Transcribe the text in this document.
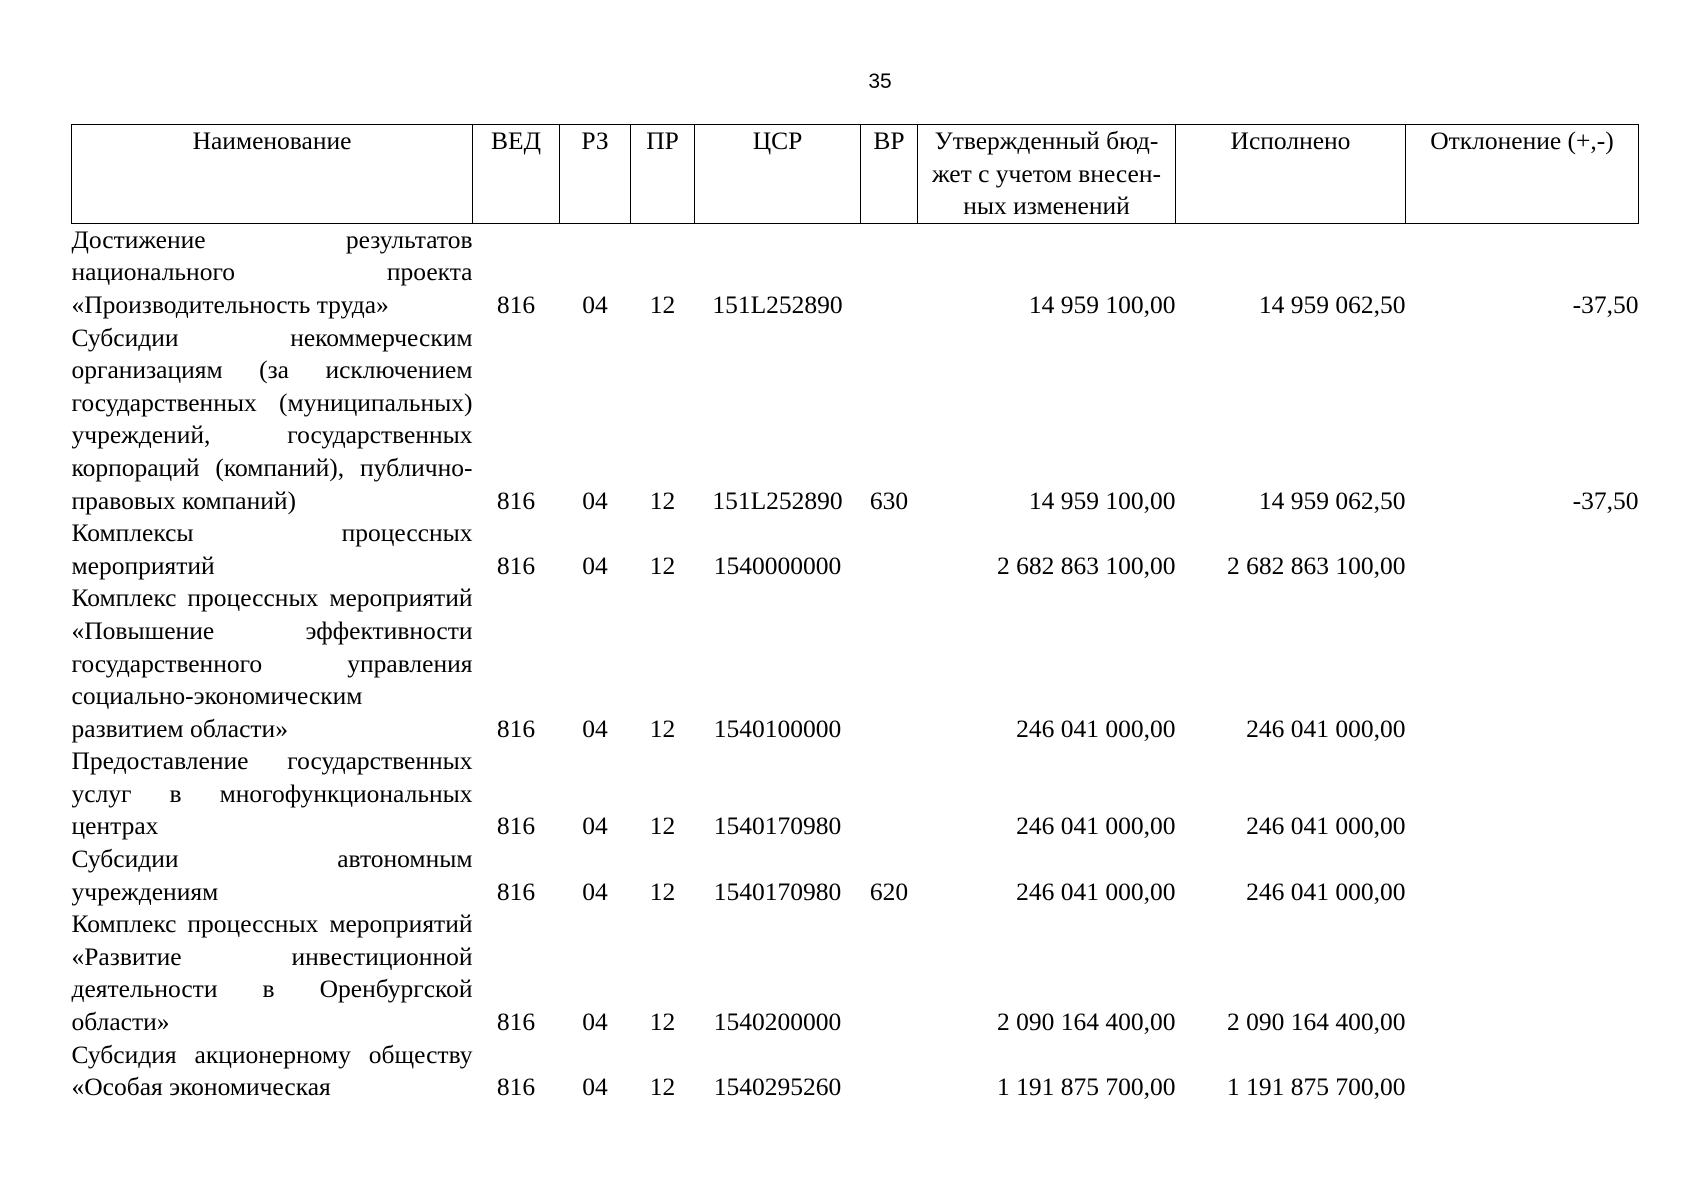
35
Наименование	ВЕД	РЗ	ПР	ЦСР	ВР	Утвержденный бюд-жет с учетом внесен-ных изменений	Исполнено	Отклонение (+,-)
Достижение результатов национального проекта «Производительность труда»	816	04	12	151L252890		14 959 100,00	14 959 062,50	-37,50
Субсидии некоммерческим организациям (за исключением государственных (муниципальных) учреждений, государственных корпораций (компаний), публично-правовых компаний)	816	04	12	151L252890	630	14 959 100,00	14 959 062,50	-37,50
Комплексы процессных мероприятий	816	04	12	1540000000		2 682 863 100,00	2 682 863 100,00	
Комплекс процессных мероприятий «Повышение эффективности государственного управления социально-экономическим развитием области»	816	04	12	1540100000		246 041 000,00	246 041 000,00	
Предоставление государственных услуг в многофункциональных центрах	816	04	12	1540170980		246 041 000,00	246 041 000,00	
Субсидии автономным учреждениям	816	04	12	1540170980	620	246 041 000,00	246 041 000,00	
Комплекс процессных мероприятий «Развитие инвестиционной деятельности в Оренбургской области»	816	04	12	1540200000		2 090 164 400,00	2 090 164 400,00	
Субсидия акционерному обществу «Особая экономическая	816	04	12	1540295260		1 191 875 700,00	1 191 875 700,00	
